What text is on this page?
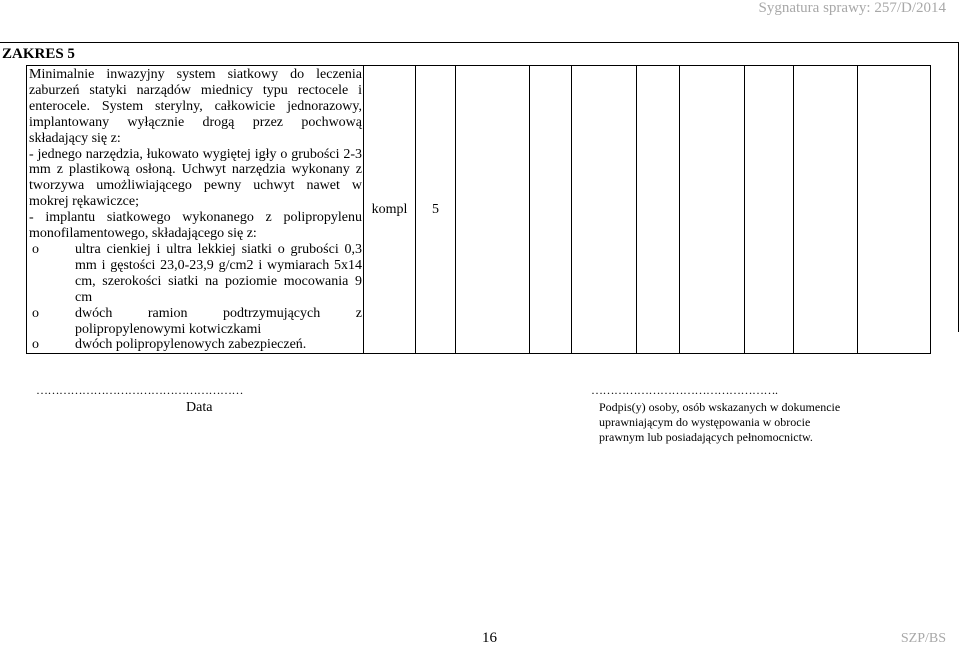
Sygnatura sprawy: 257/D/2014
ZAKRES 5

Minimalnie inwazyjny system siatkowy do leczenia zaburzeń statyki narządów miednicy typu rectocele i enterocele. System sterylny, całkowicie jednorazowy, implantowany wyłącznie drogą przez pochwową składający się z:

- jednego narzędzia, łukowato wygiętej igły o grubości 2-3 mm z plastikową osłoną. Uchwyt narzędzia wykonany z tworzywa umożliwiającego pewny uchwyt nawet w mokrej rękawiczce;

- implantu siatkowego wykonanego z polipropylenu monofilamentowego, składającego się z:

o ultra cienkiej i ultra lekkiej siatki o grubości 0,3 mm i gęstości 23,0-23,9 g/cm2 i wymiarach 5x14 cm, szerokości siatki na poziomie mocowania 9 cm
o dwóch ramion podtrzymujących z polipropylenowymi kotwiczkami
o dwóch polipropylenowych zabezpieczeń.
	kompl	5								
………………………………………………
Data
………………………………………….
Podpis(y) osoby, osób wskazanych w dokumencie
uprawniającym do występowania w obrocie
prawnym lub posiadających pełnomocnictw.
16	SZP/BS
